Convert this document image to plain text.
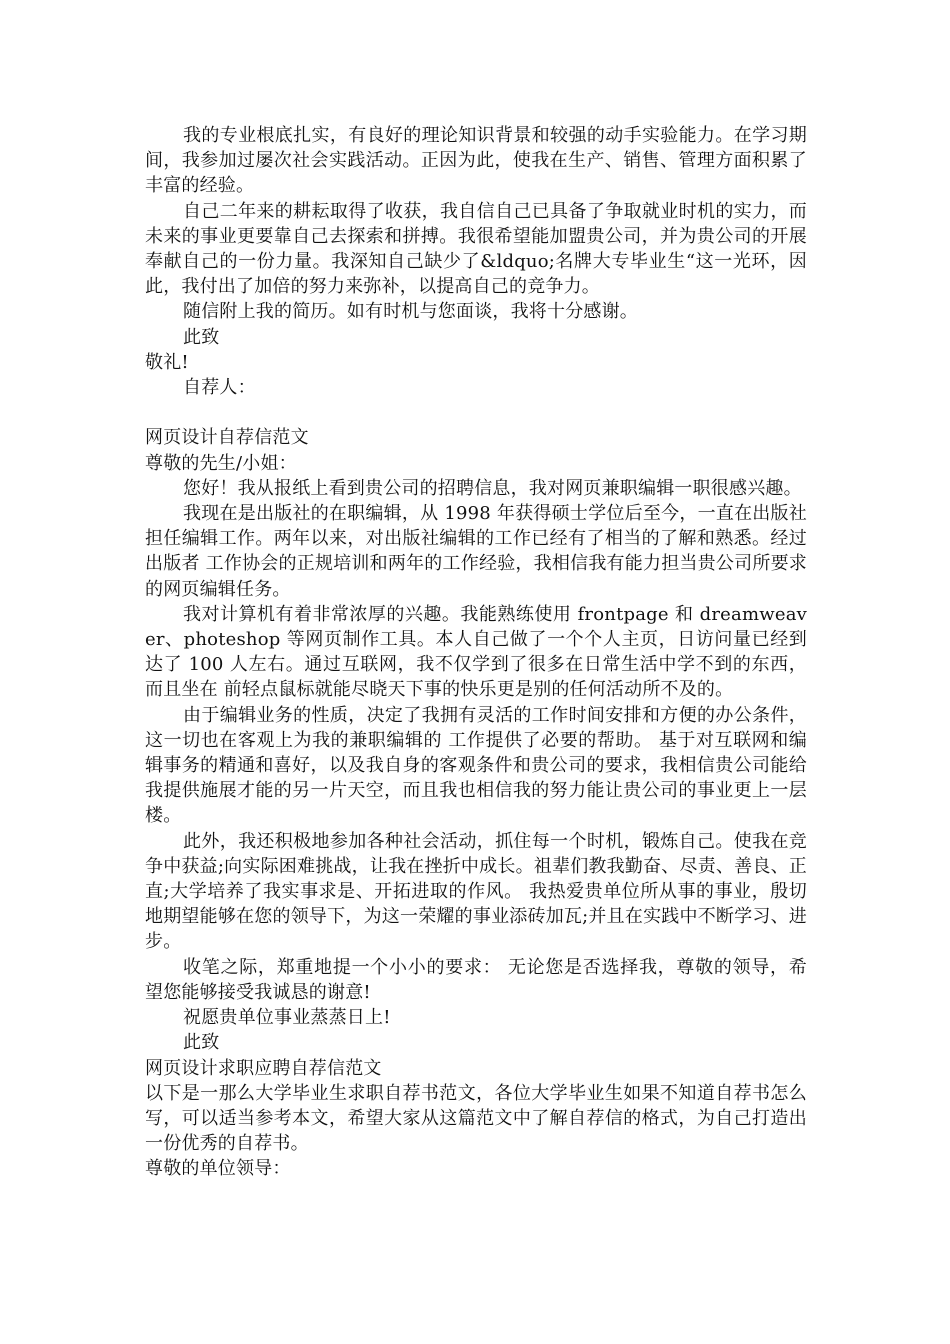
我的专业根底扎实，有良好的理论知识背景和较强的动手实验能力。在学习期间，我参加过屡次社会实践活动。正因为此，使我在生产、销售、管理方面积累了丰富的经验。

自己二年来的耕耘取得了收获，我自信自己已具备了争取就业时机的实力，而未来的事业更要靠自己去探索和拼搏。我很希望能加盟贵公司，并为贵公司的开展奉献自己的一份力量。我深知自己缺少了&ldquo;名牌大专毕业生“这一光环，因此，我付出了加倍的努力来弥补，以提高自己的竞争力。

随信附上我的简历。如有时机与您面谈，我将十分感谢。

此致

敬礼!

自荐人：

网页设计自荐信范文

尊敬的先生/小姐：

您好！我从报纸上看到贵公司的招聘信息，我对网页兼职编辑一职很感兴趣。

我现在是出版社的在职编辑，从 1998 年获得硕士学位后至今，一直在出版社担任编辑工作。两年以来，对出版社编辑的工作已经有了相当的了解和熟悉。经过出版者 工作协会的正规培训和两年的工作经验，我相信我有能力担当贵公司所要求的网页编辑任务。

我对计算机有着非常浓厚的兴趣。我能熟练使用 frontpage 和 dreamweaver、photeshop 等网页制作工具。本人自己做了一个个人主页，日访问量已经到达了 100 人左右。通过互联网，我不仅学到了很多在日常生活中学不到的东西，而且坐在 前轻点鼠标就能尽晓天下事的快乐更是别的任何活动所不及的。

由于编辑业务的性质，决定了我拥有灵活的工作时间安排和方便的办公条件，这一切也在客观上为我的兼职编辑的 工作提供了必要的帮助。 基于对互联网和编辑事务的精通和喜好，以及我自身的客观条件和贵公司的要求，我相信贵公司能给我提供施展才能的另一片天空，而且我也相信我的努力能让贵公司的事业更上一层楼。

此外，我还积极地参加各种社会活动，抓住每一个时机，锻炼自己。使我在竞争中获益;向实际困难挑战，让我在挫折中成长。祖辈们教我勤奋、尽责、善良、正直;大学培养了我实事求是、开拓进取的作风。 我热爱贵单位所从事的事业，殷切地期望能够在您的领导下，为这一荣耀的事业添砖加瓦;并且在实践中不断学习、进步。

收笔之际，郑重地提一个小小的要求： 无论您是否选择我，尊敬的领导，希望您能够接受我诚恳的谢意!

祝愿贵单位事业蒸蒸日上!

此致

网页设计求职应聘自荐信范文

以下是一那么大学毕业生求职自荐书范文，各位大学毕业生如果不知道自荐书怎么写，可以适当参考本文，希望大家从这篇范文中了解自荐信的格式，为自己打造出一份优秀的自荐书。

尊敬的单位领导：
